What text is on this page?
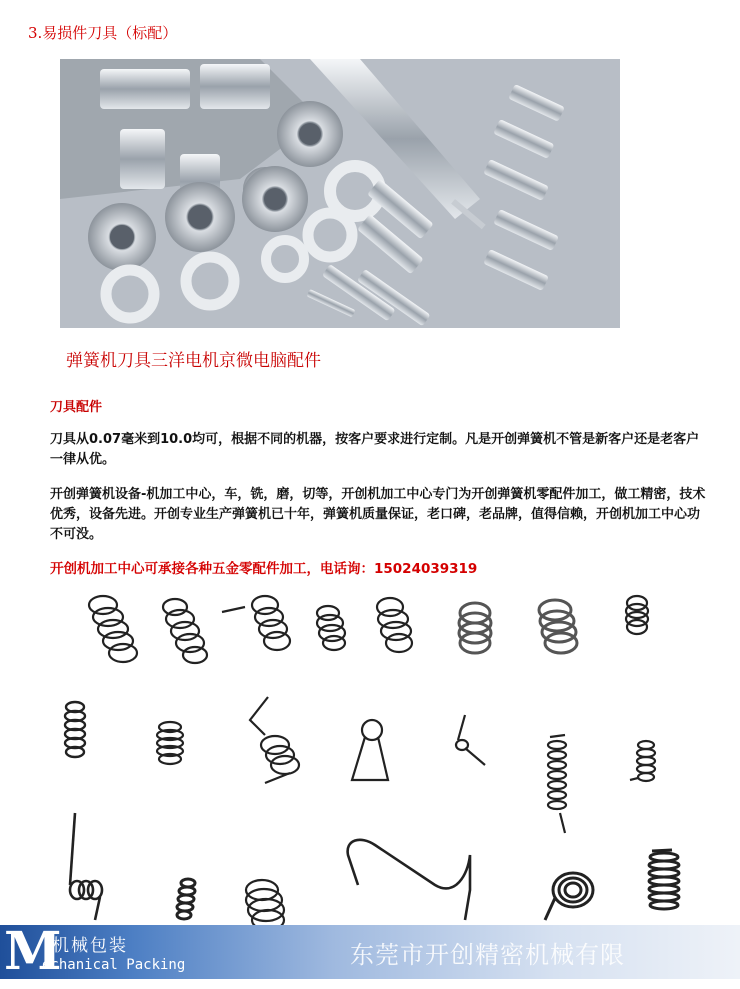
3.易损件刀具（标配）
弹簧机刀具三洋电机京微电脑配件
刀具配件
刀具从0.07毫米到10.0均可，根据不同的机器，按客户要求进行定制。凡是开创弹簧机不管是新客户还是老客户一律从优。
开创弹簧机设备-机加工中心，车，铣，磨，切等，开创机加工中心专门为开创弹簧机零配件加工，做工精密，技术优秀，设备先进。开创专业生产弹簧机已十年，弹簧机质量保证，老口碑，老品牌，值得信赖，开创机加工中心功不可没。
开创机加工中心可承接各种五金零配件加工，电话询：15024039319
M
机械包装
echanical Packing	东莞市开创精密机械有限
